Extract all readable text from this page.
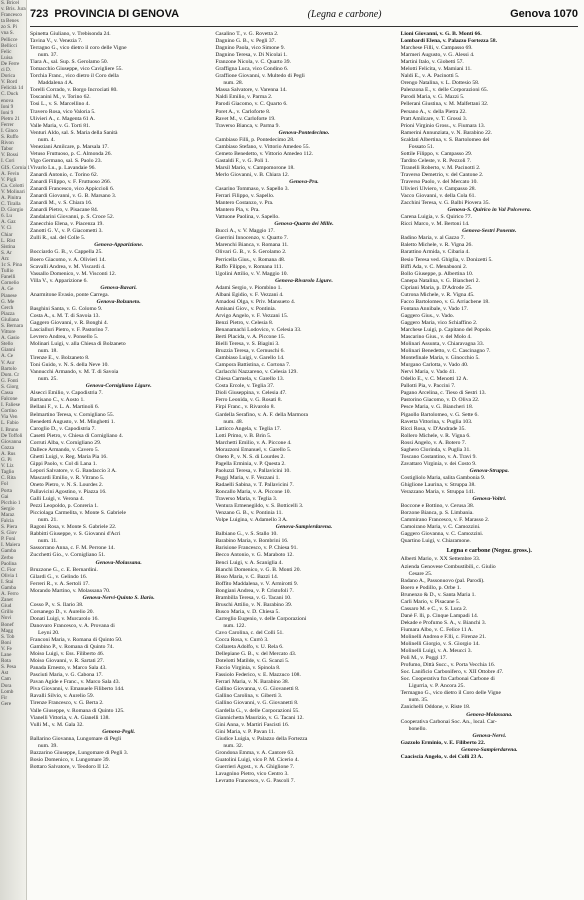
S. Bricel
v. Bris. Jura
Francesco
ta Benes
zo S. Pi
vna S.
Pellicce
Bellicci
Felic
Luisa
De Ferre
ci D.
Dorica
V. Bord
Felicità 14
C. Duck
enova
Ioni 9
Ioni 9
Pietro 21
Ferrer
I. Ginco
S. Ruffo
Rivon
Tabor
V. Bossi
I. Cori
GIS. Cornia 1
A. Fevin
V. Pigli
Ca. Colotti
V. Molinari
A. Pinitra
C. Tiralla
D. Giorgio
6. Lu
A. Gaz
V. Ci
Chiar
L. Rist
Sistina
S. Ar
Arz
1c S. Pina
Tullio
Fanelli
Cornelio
A. Ge
Pianese
G. Me
Cerch
Piazza
Giuliana
S. Bernara
Vittore
A. Gasio
Stello
Gianni
A. Ce
V. Aur
Bartolo
Dom. Cr
G. Fonti
S. Giorg
Cassa
Falcone
I. Faliese
Cortino
Via Ven
L. Fabio
I. Bruno
De Toffoli
Giovanna
Cozza
A. Rus
G. Pi
V. Liz
Taglio
C. Rita
Fol
Porta
Gai
Picchio 1
Sergio
Maraz
Falcia
S. Piera
S. Giov
P. Foni
I. Maiera
Gamba
Zerbo
Paolina
C. Fior
Olivia 1
I. Stai
Gamba
A. Ferro
Zanet
Giud
Grillo
Novi
Bonef
Magg
S. Tob
Boni
V. Fe
Lane
Rota
S. Pesa
Ast
Cam
Dora
Lomb
Fir
Gere
723 PROVINCIA DI GENOVA	(Legna e carbone)	Genova 1070
Spinetta Giuliano, v. Trebisonda 24.
Tavina V., v. Venezia 7.
Terragno G., vico dietro il coro delle Vigne
num. 37.
Tiara A., sal. Sup. S. Gerolamo 50.
Tomacchio Giuseppe, vico Cavigliere 55.
Torchia Franc., vico dietro il Coro della
Maddalena 4 A.
Torelli Corrado, v. Borgo Incrociati 80.
Toscanini M., v. Torino 62.
Tosi L., v. S. Marcellino 4.
Travero Rosa, vico Valoria 5.
Ulivieri A., c. Magenta 61 A.
Valle Maria, v. G. Torti 81.
Venturi Aldo, sal. S. Maria della Sanità
num. 4.
Veneziani Amilcare, p. Marsala 17.
Vetuso Fruttuoso, p. C. Almonda 26.
Vigo Germano, sal. S. Paolo 23.
Vivarlo Lu., p. Lavandaie 96.
Zanardi Antonio, c. Torino 62.
Zanardi Filippo, v. F. Fruttuoso 266.
Zanardi Francesco, vico Appiccioli 6.
Zanardi Giovanni, v. G. B. Marsano 3.
Zanardi M., v. S. Chiara 16.
Zanardi Pietro, v. Pisacane 84.
Zandalarini Giovanni, p. S. Croce 52.
Zanecchio Elena, v. Piacenza 19.
Zanotti G. V., v. P. Giacometti 3.
Zulli R., sal. del Colle 5.
Genova-Apparizione.
Bocciardo G. B., v. Cappella 25.
Boero Giacomo, v. A. Olivieri 14.
Scavalli Andrea, v. M. Viscardi 4.
Vassallo Domenico, v. M. Visconti 12.
Villa V., v. Apparizione 6.
Genova-Bavari.
Anarmitone Evasio, ponte Carrega.
Genova-Bolzaneto.
Basghini Santa, v. G. Colomo 9.
Costa A., s. M. T. di Savoia 13.
Gaggero Giovanni, v. R. Bonghi 4.
Lascialluri Pietro, v. F. Pastorino 7.
Levrero Andrea, v. Ponsello 5.
Molinari Luigi, v. alla Chiesa di Bolzaneto
num. 18.
Tirenze E., v. Bolzaneto 8.
Toni Guido, v. N. S. della Neve 10.
Vannucchi Armando, v. M. T. di Savoia
num. 25.
Genova-Cornigliano Ligure.
Alsecci Emilio, v. Capodistria 7.
Bartisano C., v. Aosto 1.
Bellani F., v. L. A. Martinoli 6.
Belmartino Teresa, v. Cornigliano 55.
Benedetti Augusto, v. M. Minghetti 1.
Caroglio D., v. Capodistria 7.
Casetti Pietro, v. Chiesa di Cornigliano 4.
Corruti Alba, v. Cornigliano 29.
Dallece Armando, v. Cavero 5.
Ghetti Luigi, v. Reg. Maria Pia 16.
Gippi Paolo, v. Col di Lana 1.
Lepori Salvatore, v. G. Bandaccio 3 A.
Mascardi Emilio, v. R. Vitrano 5.
Oneto Pietro, v. N. S. Lourdes 2.
Pallavicini Agostino, v. Piazza 16.
Galli Luigi, v. Verona 4.
Pezzi Leopoldo, p. Conreria 1.
Picciolaga Carmelita, v. Monte S. Gabriele
num. 21.
Ragoni Rosa, v. Monte S. Gabriele 22.
Rabbitti Giuseppe, v. S. Giovanni d'Acri
num. 11.
Sassorrano Anna, c. F. M. Perrone 14.
Zucchetti Gio., v. Cornigliano 51.
Genova-Molassana.
Bruzzone G., c. E. Bernardini.
Gilardi G., v. Gelindo 16.
Ferreri R., v. A. Sertoli 17.
Morando Martino, v. Molassana 70.
Genova-Nervi-Quinto S. Ilario.
Cosso P., v. S. Ilario 38.
Corsanego D., v. Aurelio 20.
Donati Luigi, v. Murcarolo 16.
Danovaro Francesco, v. A. Provana di
Leyni 20.
Franconi Maria, v. Romana di Quinto 50.
Gambino P., v. Romana di Quinto 74.
Moiso Luigi, v. Ess. Filiberto 46.
Moiso Giovanni, v. R. Sartati 27.
Panada Ernesto, v. Marco Sala 43.
Pasciuti Maria, v. G. Cabona 17.
Pavan Agide e Franc., v. Marco Sala 43.
Piva Giovanni, v. Emanuele Filiberto 144.
Ravalli Silvio, v. Aurelio 59.
Tirenze Francesco, v. G. Berta 2.
Valle Giuseppe, v. Romana di Quinto 125.
Vianelli Vittoria, v. A. Gianelli 138.
Vulli M., v. M. Gala 32.
Genova-Pegli.
Ballarino Giovanna, Lungomare di Pegli
num. 39.
Bazzarino Giuseppe, Lungomare di Pegli 3.
Bosio Domenico, v. Lungomare 39.
Bottaro Salvatore, v. Teodoro II 12.
Casalino T., v. G. Rovetta 2.
Dagnino G. B., v. Pegli 37.
Dagnino Paola, vico Simone 9.
Dagnino Teresa, v. Di Nicolai 1.
Franzone Nicola, v. C. Quarto 39.
Graffigna Luca, vico Condino 6.
Graffione Giovanni, v. Multedo di Pegli
num. 28.
Massa Salvatore, v. Varenna 14.
Naldi Emilio, v. Parma 2.
Parodi Giacomo, v. C. Quarto 6.
Poret A., v. Carloforte 8.
Ravet M., v. Carloforte 19.
Traverso Bianca, v. Parma 9.
Genova-Pontedecimo.
Cambiaso Filli, p. Pontedecimo 28.
Cambiaso Stefano, v. Vittorio Amedeo 55.
Cemeto Benedetto, v. Vittorio Amedeo 112.
Gastaldi F., v. G. Poli 1.
Marsil Mario, v. Campomorone 18.
Merlo Giovanni, v. B. Chiara 12.
Genova-Pra.
Casarino Tommaso, v. Sapello 3.
Ferrari Filippo, v. Sapello.
Mantero Costanzo, v. Pra.
Mantero Pia, v. Pra.
Vattuone Paolina, v. Sapello.
Genova-Quarto dei Mille.
Bucci A., v. V. Maggio 17.
Guerrini Innocenzo, v. Quarto 7.
Marenchi Bianca, v. Romana 11.
Olivari G. B., v. S. Gerolamo 2.
Perricella Gius., v. Romana 48.
Raffo Filippo, v. Romana 111.
Ugolini Attilio, v. V. Maggio 10.
Genova-Rivarolo Ligure.
Adami Sergio, v. Piombino 1.
Albani Egidio, v. F. Vezzani 4.
Amadosi Olga, v. Priv. Mansueto 4.
Amisani Giov., v. Pontinia.
Arvigo Angelo, v. F. Vezzani 15.
Benzi Pietro, v. Celesia 8.
Benanamachi Lodovico, v. Celesia 33.
Berti Placida, v. A. Piccone 15.
Bielli Teresa, v. S. Biagini 3.
Bruzzia Teresa, v. Cernuschi 6.
Cambiaso Luigi, v. Garello 14.
Campora Battistina, c. Cortona 7.
Carlacchi Nazzareno, v. Celesia 129.
Chiesa Carmela, v. Garello 13.
Costa Ercole, v. Teglia 37.
Dioli Giuseppina, v. Celesia 47.
Ferro Leonida, v. G. Rosati 8.
Firpi Franc., v. Rivarolo 8.
Gardella Serafino, v. A. F. della Marmora
num. 48.
Latticco Angela, v. Teglia 17.
Lotti Primo, v. B. Brin 5.
Marchetti Emilio, v. A. Piccone 4.
Morazzoni Emanuel, v. Garello 5.
Oneto P., v. N. S. di Lourdes 2.
Pagella Erminia, v. P. Questa 2.
Paoluzzi Teresa, v. Pallavicini 10.
Poggi Maria, v. F. Vezzani 1.
Radaelli Sabina, v. T. Pallavicini 7.
Roncallo Maria, v. A. Piccone 10.
Traverso Maria, v. Teglia 3.
Ventura Ermenegildo, v. S. Botticelli 3.
Venzano G. B., v. Pontinia 11.
Volpe Luigina, v. Adamello 3 A.
Genova-Sampierdarena.
Balbiano G., v. S. Stallo 10.
Barabino Maria, v. Bombrini 16.
Barisione Francesco, v. P. Chiesa 91.
Becco Antonio, v. G. Maraboto 12.
Benci Luigi, v. A. Scaniglia 4.
Bianchi Domenico, v. G. B. Monti 20.
Bisso Maria, v. C. Bazzi 14.
Boffito Maddalena, v. V. Armirotti 9.
Bongiani Andrea, v. P. Cristofoli 7.
Brambilla Teresa, v. G. Tacani 10.
Bruschi Attilio, v. N. Barabino 39.
Busco Maria, v. D. Chiesa 5.
Carreglio Eugenio, v. delle Corporazioni
num. 122.
Cavo Carolina, c. del Colli 51.
Cocca Rosa, v. Currò 3.
Collareta Adolfo, v. U. Rela 6.
Dellepiane G. B., v. del Mercato 43.
Dotelotti Matilde, v. G. Scanzi 5.
Faccio Virginia, v. Spinola 8.
Fassiolo Federico, v. E. Mazzuco 108.
Ferrari Maria, v. N. Barabino 38.
Gallino Giovanna, v. G. Giovanetti 8.
Gallino Carolina, v. Giberti 3.
Gallino Giovanni, v. G. Giovanetti 8.
Gardella G., v. delle Corporazioni 55.
Giannichetta Maurizio, v. G. Tacani 12.
Gini Anna, v. Martiri Fascisti 16.
Gini Maria, v. P. Pavan 11.
Giudice Luigia, v. Palazzo della Fortezza
num. 32.
Grondona Emma, v. A. Cantore 63.
Guatolini Luigi, vico P. M. Cicerio 4.
Guerrieri Agost., v. A. Ghiglione 7.
Lavagnino Pietro, vico Centro 3.
Levratto Francesco, v. G. Pascoli 7.
Lioni Giovanni, v. G. B. Monti 66.
Lombardi Elena, v. Palazzo Fortezza 58.
Marchese Filli, v. Campasso 69.
Marmeri Augusto, v. G. Alessi 4.
Martini Italo, v. Giobetti 57.
Melotti Felicita, v. Mamiani 11.
Naldi E., v. A. Pacinotti 5.
Orengo Natalina, v. L. Dottesio 58.
Palenzona E., v. delle Corporazioni 65.
Parodi Maria, v. G. Mazzi 5.
Pellerani Giustina, v. M. Malfettani 32.
Persano A., v. della Pietra 22.
Pratt Amilcare, v. T. Grossi 3.
Prioni Virginio Gross., v. Fiumara 13.
Ramerini Annunziata, v. N. Barabino 22.
Scaldati Albertina, v. S. Bartolomeo del
Fossato 51.
Sottile Filippo, v. Campasso 29.
Tardito Celeste, v. R. Pezzoli 7.
Tiranelli Roberto, v. M. Pacinotti 2.
Traverso Demetrio, v. del Cantone 2.
Traverso Paolo, v. del Mercato 10.
Ulivieri Ulviero, v. Campasso 28.
Vacco Giovanni, v. della Cola 61.
Zacchini Teresa, v. G. Balbi Piovera 35.
Genova-S. Quirico in Val Polcevera.
Carena Luigia, v. S. Quirico 77.
Ricci Marco, v. M. Bertoni 14.
Genova-Sestri Ponente.
Badino Maria, v. al Gazzo 7.
Baletto Michele, v. R. Vigna 26.
Barattino Armida, v. Cibaria 4.
Besio Teresa ved. Ghiglia, v. Donizetti 5.
Biffi Ada, v. C. Menabuoni 2.
Bollo Giuseppe, p. Albertina 10.
Canepa Natalina, v. G. Biancheri 2.
Cipriani Maria, p. D'Adrode 25.
Cutrona Michele, v. R. Vigna 45.
Facco Bartolomeo, v. G. Arriacbene 18.
Fontana Annibale, v. Vado 17.
Gaggero Gius., v. Vado.
Gaggero Maria, vico Schiaffino 2.
Marchese Luigi, p. Capitano del Popolo.
Mascarino Gius., v. del Molo 4.
Molinari Assunta, v. Chiaravagna 33.
Molinari Benedetto, v. C. Cascinagno 7.
Montefinale Maria, v. Ginocchio 5.
Murgano Carlotta, v. Vado 40.
Nervi Maria, v. Vado 41.
Odello E., v. C. Menotti 12 A.
Pallotti Pia, v. Paccini 7.
Pagano Arcelina, c. Tieso di Sestri 13.
Pastorino Giacomo, v. D. Oliva 22.
Pesce Maria, v. G. Biancheri 18.
Pigaollo Bartolomeo, v. G. Sette 6.
Ravetta Vittorina, v. Puglia 103.
Ricci Rosa, v. D'Andrade 35.
Rollero Michele, v. R. Vigna 6.
Rossi Angelo, v. A. Botero 7.
Saghero Clorinda, v. Puglia 31.
Toscano Costantino, v. A. Travi 9.
Zavattaro Virginia, v. dei Costo 9.
Genova-Struppa.
Costigliolo Maria, salita Gambonia 9.
Ghiglione Laurina, v. Struppa 38.
Verazzano Maria, v. Struppa 141.
Genova-Voltri.
Boccone e Bottino, v. Cerusa 38.
Borzone Bianca, p. S. Limbania.
Cammirano Francesco, v. F. Marasso 2.
Camoirano Maria, v. C. Camozzini.
Gaggero Giovanna, v. C. Camozzini.
Quartino Luigi, v. Chiaramone.
Legna e carbone (Negoz. gross.).
Alberti Mario, v. XX Settembre 33.
Azienda Genovese Combustibili, c. Giulio
Cesare 25.
Badano A., Passonuovo (pal. Parodi).
Boero e Podillo, p. Orbe 1.
Brunenzo & D., v. Santa Maria 1.
Carli Mario, v. Pisacane 5.
Cassaro M. e C., v. S. Luca 2.
Danè F. lli, p. Cinque Lampadi 14.
Dekade e Profumo S. A., v. Bianchi 3.
Fiumara Albo, v. C. Felice 11 A.
Molinelli Andrea e F.lli, c. Firenze 21.
Molinelli Giorgio, v. S. Giorgio 14.
Molinelli Luigi, v. A. Meucci 3.
Poli M., v. Poggi 17.
Profumo, Dittà Succ., v. Porta Vecchia 16.
Soc. Lanificio Carbonifero, v. XII Ottobre 47.
Soc. Cooperativa fra Carbonai Carbone di
Ligurria, v. P. Ancora 25.
Termagno G., vico dietro il Coro delle Vigne
num. 35.
Zanichelli Oddone, v. Riste 18.
Genova-Molassana.
Cooperativa Carbonai Soc. An., local. Car-
bonello.
Genova-Nervi.
Gazzolo Erminio, v. E. Filiberto 22.
Genova-Sampierdarena.
Caaciscia Angelo, v. dei Colli 23 A.
